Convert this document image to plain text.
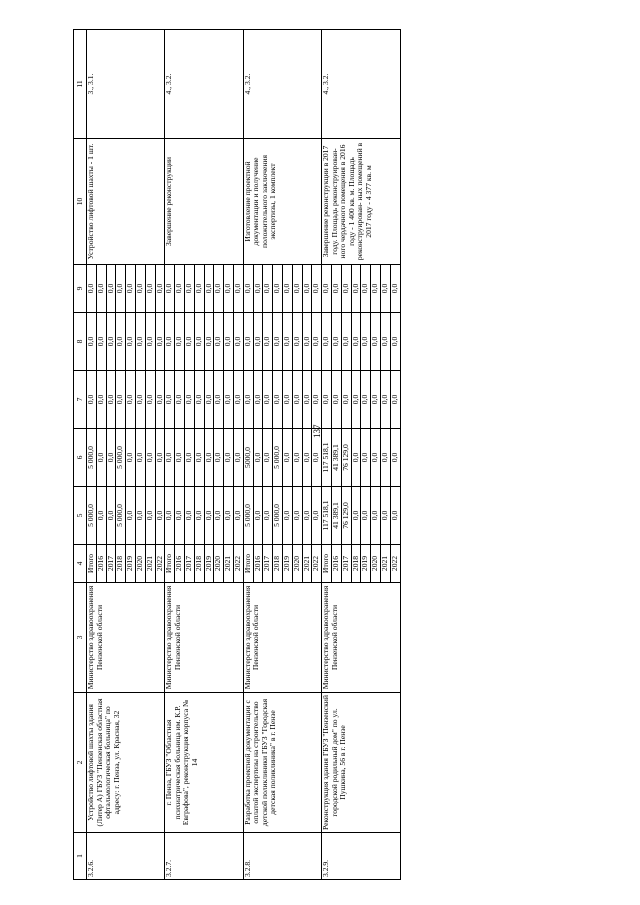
137
1	2	3	4	5	6	7	8	9	10	11
3.2.6.	Устройство лифтовой шахты здания (Литер А) ГБУЗ "Пензенская областная офтальмологическая больница" по адресу: г. Пенза, ул. Красная, 32	Министерство здравоохранения Пензенской области	Итого	5 000,0	5 000,0	0,0	0,0	0,0	Устройство лифтовой шахты - 1 шт.	3., 3.1.
			2016	0,0	0,0	0,0	0,0	0,0		
			2017	0,0	0,0	0,0	0,0	0,0		
			2018	5 000,0	5 000,0	0,0	0,0	0,0		
			2019	0,0	0,0	0,0	0,0	0,0		
			2020	0,0	0,0	0,0	0,0	0,0		
			2021	0,0	0,0	0,0	0,0	0,0		
			2022	0,0	0,0	0,0	0,0	0,0		
3.2.7.	г. Пенза, ГБУЗ "Областная психиатрическая больница им. К.Р. Евграфова", реконструкция корпуса № 14	Министерство здравоохранения Пензенской области	Итого	0,0	0,0	0,0	0,0	0,0	Завершение реконструкции	4., 3.2.
			2016	0,0	0,0	0,0	0,0	0,0		
			2017	0,0	0,0	0,0	0,0	0,0		
			2018	0,0	0,0	0,0	0,0	0,0		
			2019	0,0	0,0	0,0	0,0	0,0		
			2020	0,0	0,0	0,0	0,0	0,0		
			2021	0,0	0,0	0,0	0,0	0,0		
			2022	0,0	0,0	0,0	0,0	0,0		
3.2.8.	Разработка проектной документации с оплатой экспертизы на строительство детской поликлиники ГБУЗ "Городская детская поликлиника" в г. Пензе	Министерство здравоохранения Пензенской области	Итого	5 000,0	5000,0	0,0	0,0	0,0	Изготовление проектной документации и получение положительного заключения экспертизы, 1 комплект	4., 3.2.
			2016	0,0	0,0	0,0	0,0	0,0		
			2017	0,0	0,0	0,0	0,0	0,0		
			2018	5 000,0	5 000,0	0,0	0,0	0,0		
			2019	0,0	0,0	0,0	0,0	0,0		
			2020	0,0	0,0	0,0	0,0	0,0		
			2021	0,0	0,0	0,0	0,0	0,0		
			2022	0,0	0,0	0,0	0,0	0,0		
3.2.9.	Реконструкция здания ГБУЗ "Пензенский городской родильный дом" по ул. Пушкина, 56 в г. Пензе	Министерство здравоохранения Пензенской области	Итого	117 518,1	117 518,1	0,0	0,0	0,0	Завершение реконструкции в 2017 году. Площадь реконструирован- ного чердачного помещения в 2016 году - 1 400 кв. м. Площадь реконструирован- ных помещений в 2017 году - 4 377 кв. м	4., 3.2.
			2016	41 389,1	41 389,1	0,0	0,0	0,0		
			2017	76 129,0	76 129,0	0,0	0,0	0,0		
			2018	0,0	0,0	0,0	0,0	0,0		
			2019	0,0	0,0	0,0	0,0	0,0		
			2020	0,0	0,0	0,0	0,0	0,0		
			2021	0,0	0,0	0,0	0,0	0,0		
			2022	0,0	0,0	0,0	0,0	0,0		
